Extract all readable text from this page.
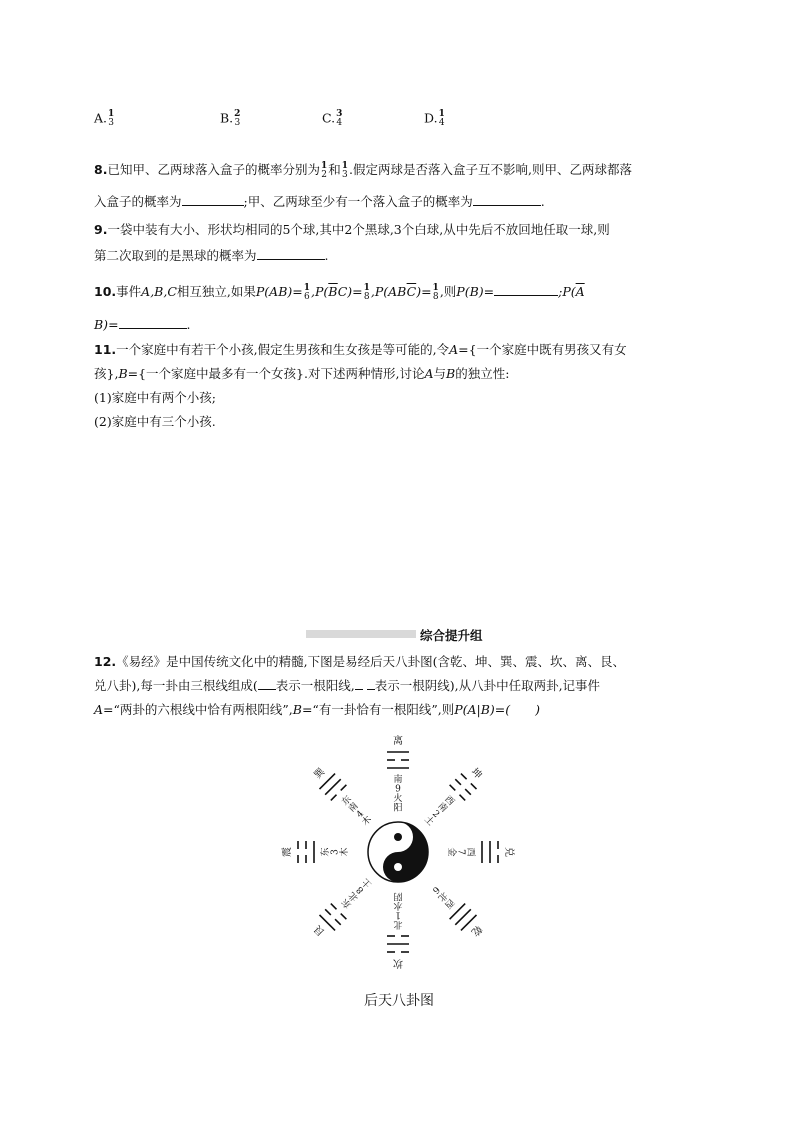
A. 1
3	B. 2
3	C. 3
4	D. 1
4
8.已知甲、乙两球落入盒子的概率分别为 1
2 和 1
3 .假定两球是否落入盒子互不影响,则甲、乙两球都落
入盒子的概率为	;甲、乙两球至少有一个落入盒子的概率为	.
9.一袋中装有大小、形状均相同的5个球,其中2个黑球,3个白球,从中先后不放回地任取一球,则
第二次取到的是黑球的概率为	.
10.事件A,B,C相互独立,如果P(AB)= 1
6 $,P(\overline{B}C)= 1$
8 $,P(AB\overline{C})= 1$
8 ,则P(B)=	$;P(\overline{A}$
B)=	.
11.一个家庭中有若干个小孩,假定生男孩和生女孩是等可能的,令A={一个家庭中既有男孩又有女
孩},B={一个家庭中最多有一个女孩}.对下述两种情形,讨论A与B的独立性:
(1)家庭中有两个小孩;
(2)家庭中有三个小孩.
综合提升组
12.《易经》是中国传统文化中的精髓,下图是易经后天八卦图(含乾、坤、巽、震、坎、离、艮、
兑八卦),每一卦由三根线组成( 表示一根阳线, 表示一根阴线),从八卦中任取两卦,记事件
A=“两卦的六根线中恰有两根阳线”,B=“有一卦恰有一根阳线”,则P(A|B)=(　　)
离
南 9 火阳
坤
西南2土
兑
西7金
乾
西北6
坎
北1水阴
艮
东北8土
震	东3木
巽
东南4木
后天八卦图
